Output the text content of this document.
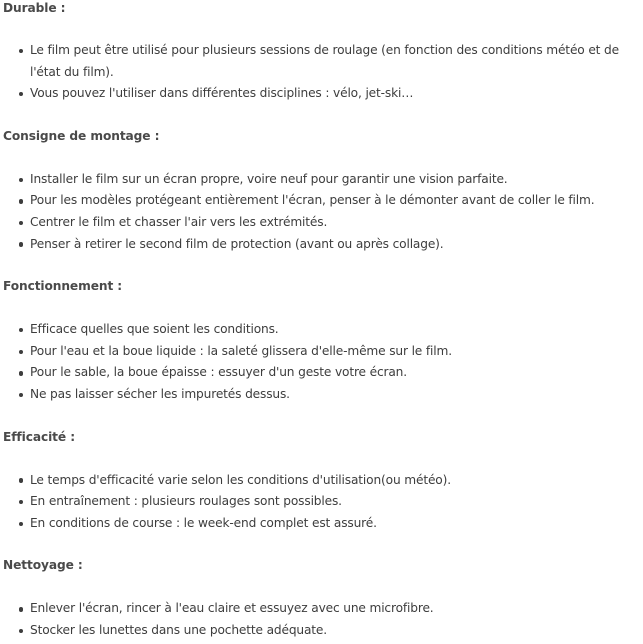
Durable :
Le film peut être utilisé pour plusieurs sessions de roulage (en fonction des conditions météo et de l'état du film).
Vous pouvez l'utiliser dans différentes disciplines : vélo, jet-ski…
Consigne de montage :
Installer le film sur un écran propre, voire neuf pour garantir une vision parfaite.
Pour les modèles protégeant entièrement l'écran, penser à le démonter avant de coller le film.
Centrer le film et chasser l'air vers les extrémités.
Penser à retirer le second film de protection (avant ou après collage).
Fonctionnement :
Efficace quelles que soient les conditions.
Pour l'eau et la boue liquide : la saleté glissera d'elle-même sur le film.
Pour le sable, la boue épaisse : essuyer d'un geste votre écran.
Ne pas laisser sécher les impuretés dessus.
Efficacité :
Le temps d'efficacité varie selon les conditions d'utilisation(ou météo).
En entraînement : plusieurs roulages sont possibles.
En conditions de course : le week-end complet est assuré.
Nettoyage :
Enlever l'écran, rincer à l'eau claire et essuyez avec une microfibre.
Stocker les lunettes dans une pochette adéquate.
